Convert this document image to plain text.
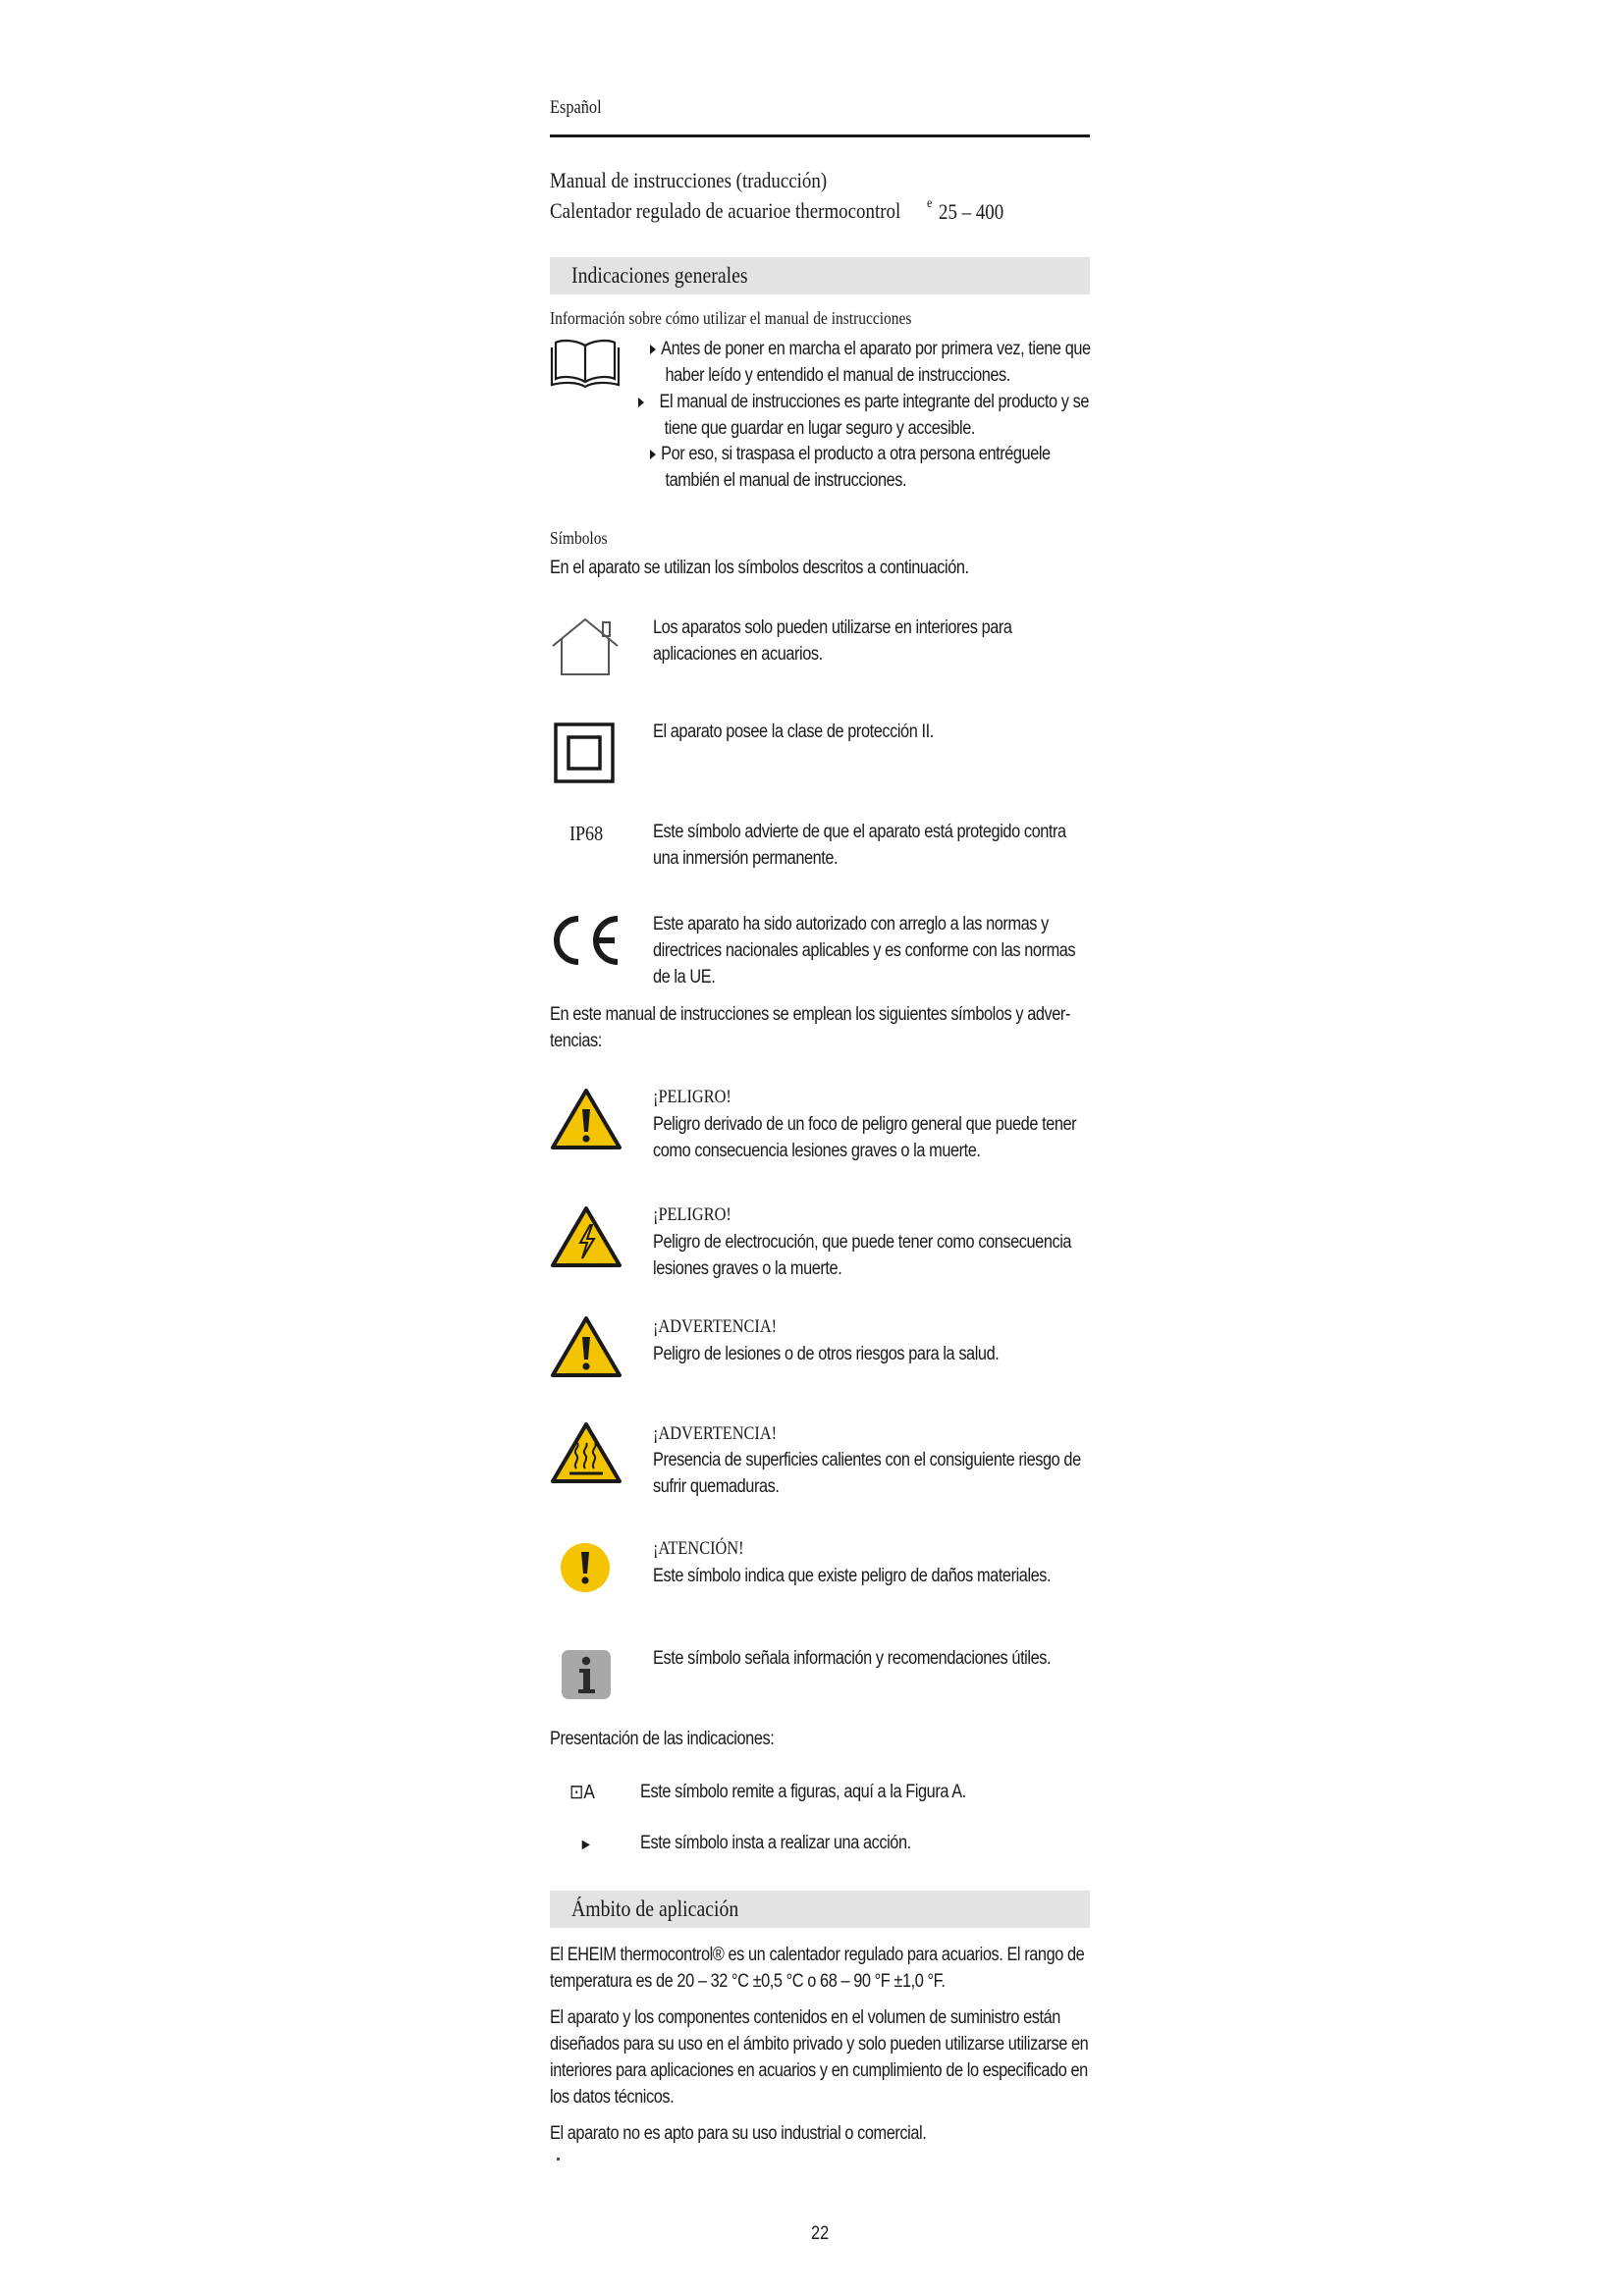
Español
Manual de instrucciones (traducción)
Calentador regulado de acuarioe thermocontrol e 25 – 400
Indicaciones generales
Información sobre cómo utilizar el manual de instrucciones
Antes de poner en marcha el aparato por primera vez, tiene que
haber leído y entendido el manual de instrucciones.
El manual de instrucciones es parte integrante del producto y se
tiene que guardar en lugar seguro y accesible.
Por eso, si traspasa el producto a otra persona entréguele
también el manual de instrucciones.
Símbolos
En el aparato se utilizan los símbolos descritos a continuación.
Los aparatos solo pueden utilizarse en interiores para
aplicaciones en acuarios.
El aparato posee la clase de protección II.
IP68	Este símbolo advierte de que el aparato está protegido contra
una inmersión permanente.
Este aparato ha sido autorizado con arreglo a las normas y
directrices nacionales aplicables y es conforme con las normas
de la UE.
En este manual de instrucciones se emplean los siguientes símbolos y adver-
tencias:
¡PELIGRO!
Peligro derivado de un foco de peligro general que puede tener
como consecuencia lesiones graves o la muerte.
¡PELIGRO!
Peligro de electrocución, que puede tener como consecuencia
lesiones graves o la muerte.
¡ADVERTENCIA!
Peligro de lesiones o de otros riesgos para la salud.
¡ADVERTENCIA!
Presencia de superficies calientes con el consiguiente riesgo de
sufrir quemaduras.
¡ATENCIÓN!
Este símbolo indica que existe peligro de daños materiales.
Este símbolo señala información y recomendaciones útiles.
Presentación de las indicaciones:
⊡A Este símbolo remite a figuras, aquí a la Figura A.
►	Este símbolo insta a realizar una acción.
Ámbito de aplicación
El EHEIM thermocontrol® es un calentador regulado para acuarios. El rango de
temperatura es de 20 – 32 °C ±0,5 °C o 68 – 90 °F ±1,0 °F.
El aparato y los componentes contenidos en el volumen de suministro están
diseñados para su uso en el ámbito privado y solo pueden utilizarse utilizarse en
interiores para aplicaciones en acuarios y en cumplimiento de lo especificado en
los datos técnicos.
El aparato no es apto para su uso industrial o comercial.
22
